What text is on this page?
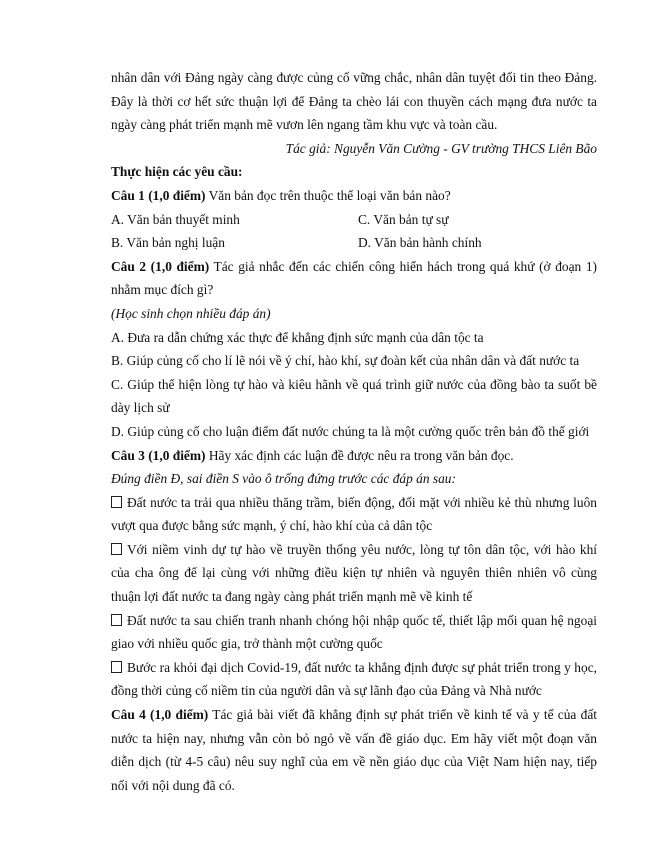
nhân dân với Đảng ngày càng được củng cố vững chắc, nhân dân tuyệt đối tin theo Đảng.
Đây là thời cơ hết sức thuận lợi để Đảng ta chèo lái con thuyền cách mạng đưa nước ta
ngày càng phát triển mạnh mẽ vươn lên ngang tầm khu vực và toàn cầu.
Tác giả: Nguyễn Văn Cường - GV trường THCS Liên Bão
Thực hiện các yêu cầu:
Câu 1 (1,0 điểm) Văn bản đọc trên thuộc thể loại văn bản nào?
A. Văn bản thuyết minh	C. Văn bản tự sự
B. Văn bản nghị luận	D. Văn bản hành chính
Câu 2 (1,0 điểm) Tác giả nhắc đến các chiến công hiển hách trong quá khứ (ở đoạn 1)
nhằm mục đích gì?
(Học sinh chọn nhiều đáp án)
A. Đưa ra dẫn chứng xác thực để khẳng định sức mạnh của dân tộc ta
B. Giúp củng cố cho lí lẽ nói về ý chí, hào khí, sự đoàn kết của nhân dân và đất nước ta
C. Giúp thể hiện lòng tự hào và kiêu hãnh về quá trình giữ nước của đồng bào ta suốt bề
dày lịch sử
D. Giúp củng cố cho luận điểm đất nước chúng ta là một cường quốc trên bản đồ thế giới
Câu 3 (1,0 điểm) Hãy xác định các luận đề được nêu ra trong văn bản đọc.
Đúng điền Đ, sai điền S vào ô trống đứng trước các đáp án sau:
Đất nước ta trải qua nhiều thăng trầm, biến động, đối mặt với nhiều kẻ thù nhưng luôn
vượt qua được bằng sức mạnh, ý chí, hào khí của cả dân tộc
Với niềm vinh dự tự hào về truyền thống yêu nước, lòng tự tôn dân tộc, với hào khí
của cha ông để lại cùng với những điều kiện tự nhiên và nguyên thiên nhiên vô cùng
thuận lợi đất nước ta đang ngày càng phát triển mạnh mẽ về kinh tế
Đất nước ta sau chiến tranh nhanh chóng hội nhập quốc tế, thiết lập mối quan hệ ngoại
giao với nhiều quốc gia, trở thành một cường quốc
Bước ra khỏi đại dịch Covid-19, đất nước ta khẳng định được sự phát triển trong y học,
đồng thời củng cố niềm tin của người dân và sự lãnh đạo của Đảng và Nhà nước
Câu 4 (1,0 điểm) Tác giả bài viết đã khẳng định sự phát triển về kinh tế và y tế của đất
nước ta hiện nay, nhưng vẫn còn bỏ ngỏ về vấn đề giáo dục. Em hãy viết một đoạn văn
diễn dịch (từ 4-5 câu) nêu suy nghĩ của em về nền giáo dục của Việt Nam hiện nay, tiếp
nối với nội dung đã có.
